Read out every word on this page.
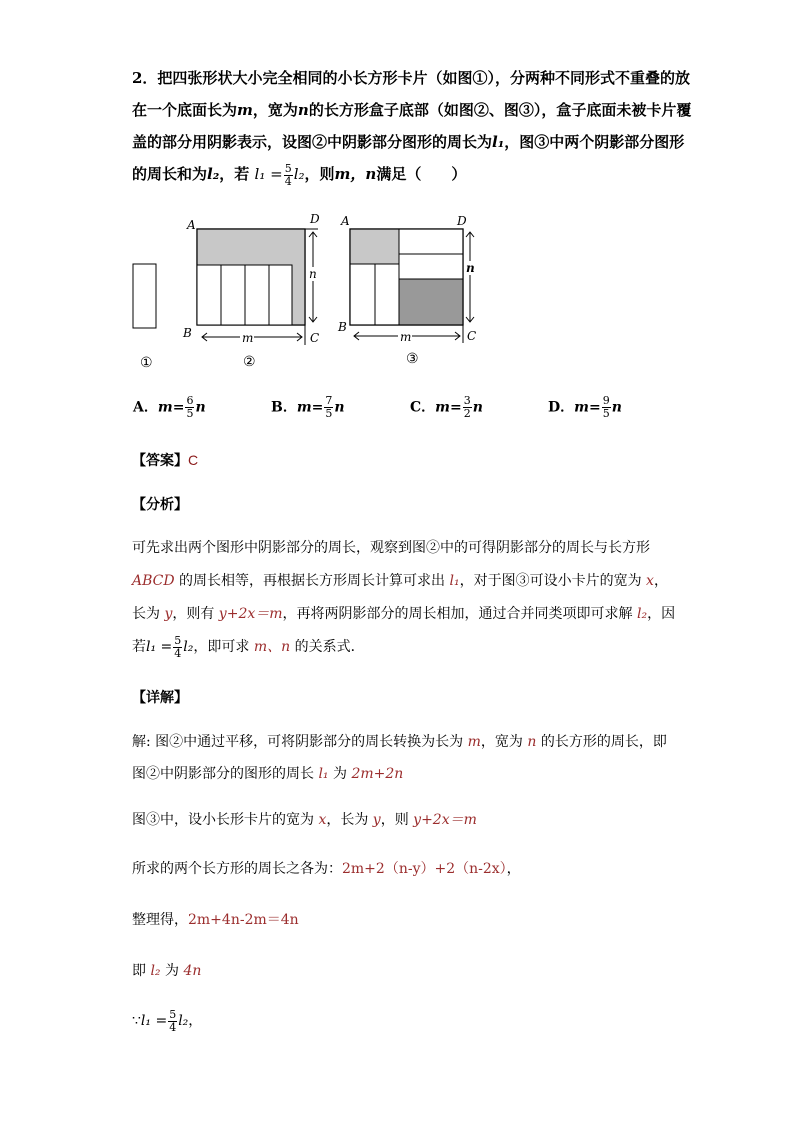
2．把四张形状大小完全相同的小长方形卡片（如图①），分两种不同形式不重叠的放
在一个底面长为m，宽为n的长方形盒子底部（如图②、图③），盒子底面未被卡片覆
盖的部分用阴影表示，设图②中阴影部分图形的周长为l₁，图③中两个阴影部分图形
的周长和为l₂，若 $l_1 = \frac{5}{4} l_2$，则m，n满足（　　）
①
A	D
B	C
m
n
②
A	D
B
C
m
n
③
A．$m= \frac{6}{5}$ n	B．$m= \frac{7}{5}$ n	C．$m= \frac{3}{2}$ n	D．$m= \frac{9}{5}$ n
【答案】C
【分析】
可先求出两个图形中阴影部分的周长，观察到图②中的可得阴影部分的周长与长方形
ABCD 的周长相等，再根据长方形周长计算可求出 l₁，对于图③可设小卡片的宽为 x，
长为 y，则有 y+2x＝m，再将两阴影部分的周长相加，通过合并同类项即可求解 l₂，因
若$l_1 = \frac{5}{4} l_2$，即可求 m、n 的关系式．
【详解】
解: 图②中通过平移，可将阴影部分的周长转换为长为 m，宽为 n 的长方形的周长，即
图②中阴影部分的图形的周长 l₁ 为 2m+2n
图③中，设小长形卡片的宽为 x，长为 y，则 y+2x＝m
所求的两个长方形的周长之各为：2m+2（n-y）+2（n-2x），
整理得，2m+4n-2m＝4n
即 l₂ 为 4n
∵l₁ = $\frac{5}{4} l_2$，
